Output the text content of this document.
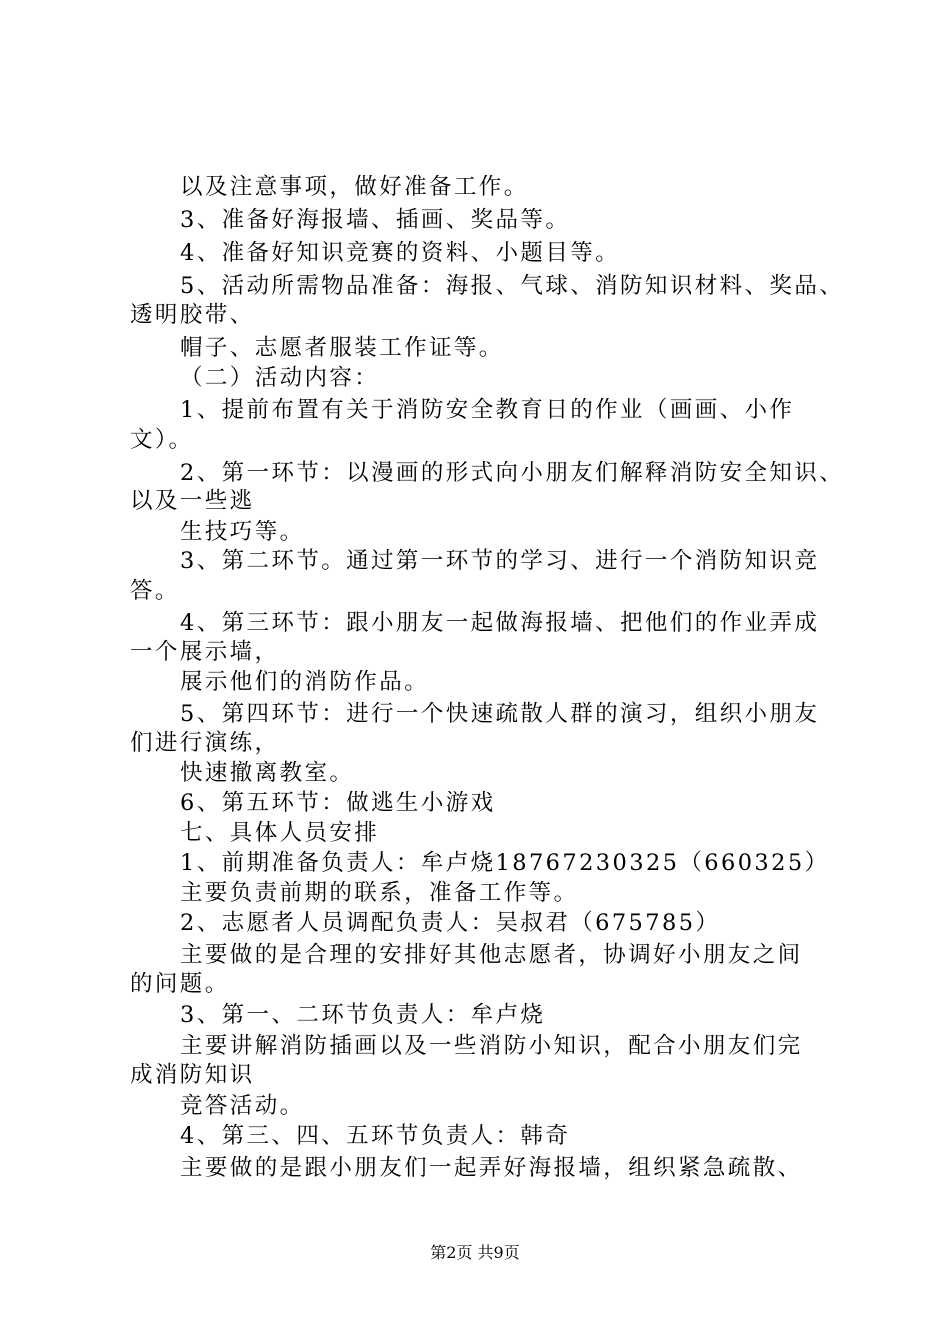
以及注意事项，做好准备工作。
3、准备好海报墙、插画、奖品等。
4、准备好知识竞赛的资料、小题目等。
5、活动所需物品准备：海报、气球、消防知识材料、奖品、
透明胶带、
帽子、志愿者服装工作证等。
（二）活动内容：
1、提前布置有关于消防安全教育日的作业（画画、小作
文）。
2、第一环节：以漫画的形式向小朋友们解释消防安全知识、
以及一些逃
生技巧等。
3、第二环节。通过第一环节的学习、进行一个消防知识竞
答。
4、第三环节：跟小朋友一起做海报墙、把他们的作业弄成
一个展示墙，
展示他们的消防作品。
5、第四环节：进行一个快速疏散人群的演习，组织小朋友
们进行演练，
快速撤离教室。
6、第五环节：做逃生小游戏
七、具体人员安排
1、前期准备负责人：牟卢烧18767230325（660325）
主要负责前期的联系，准备工作等。
2、志愿者人员调配负责人：吴叔君（675785）
主要做的是合理的安排好其他志愿者，协调好小朋友之间
的问题。
3、第一、二环节负责人：牟卢烧
主要讲解消防插画以及一些消防小知识，配合小朋友们完
成消防知识
竞答活动。
4、第三、四、五环节负责人：韩奇
主要做的是跟小朋友们一起弄好海报墙，组织紧急疏散、
第2页 共9页
